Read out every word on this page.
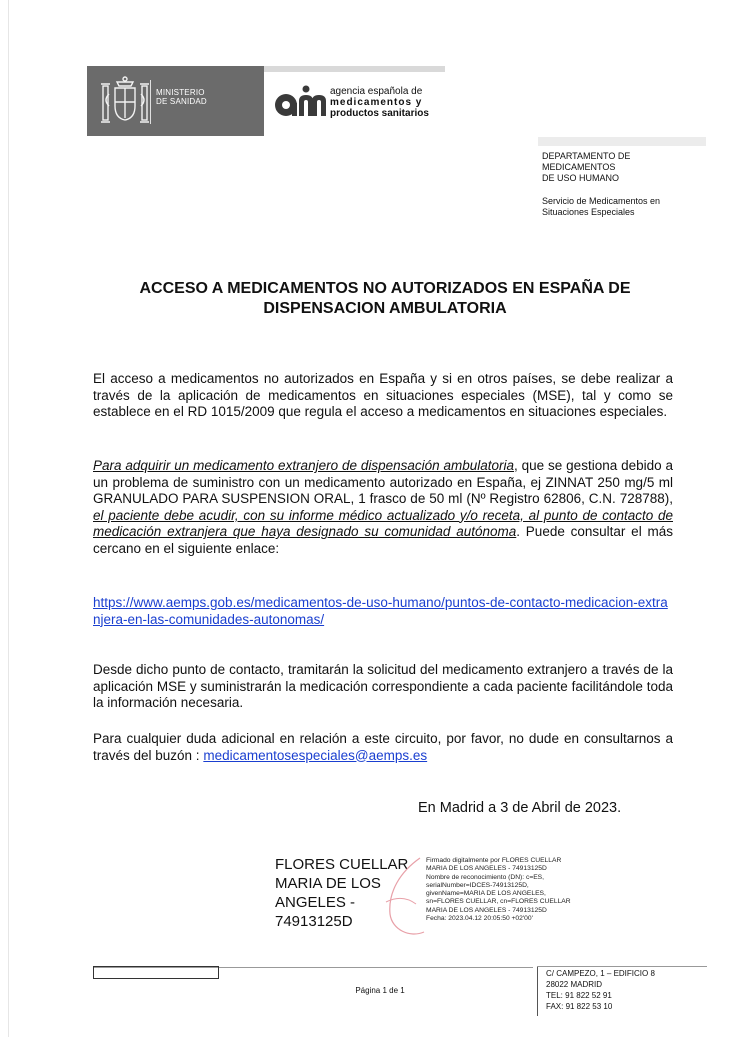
MINISTERIO
DE SANIDAD
agencia española de
medicamentos y
productos sanitarios
DEPARTAMENTO DE
MEDICAMENTOS
DE USO HUMANO
Servicio de Medicamentos en
Situaciones Especiales
ACCESO A MEDICAMENTOS NO AUTORIZADOS EN ESPAÑA DE
DISPENSACION AMBULATORIA
El acceso a medicamentos no autorizados en España y si en otros países, se debe realizar a través de la aplicación de medicamentos en situaciones especiales (MSE), tal y como se establece en el RD 1015/2009 que regula el acceso a medicamentos en situaciones especiales.
Para adquirir un medicamento extranjero de dispensación ambulatoria, que se gestiona debido a un problema de suministro con un medicamento autorizado en España, ej ZINNAT 250 mg/5 ml GRANULADO PARA SUSPENSION ORAL, 1 frasco de 50 ml (Nº Registro 62806, C.N. 728788), el paciente debe acudir, con su informe médico actualizado y/o receta, al punto de contacto de medicación extranjera que haya designado su comunidad autónoma. Puede consultar el más cercano en el siguiente enlace:
https://www.aemps.gob.es/medicamentos-de-uso-humano/puntos-de-contacto-medicacion-extranjera-en-las-comunidades-autonomas/
Desde dicho punto de contacto, tramitarán la solicitud del medicamento extranjero a través de la aplicación MSE y suministrarán la medicación correspondiente a cada paciente facilitándole toda la información necesaria.
Para cualquier duda adicional en relación a este circuito, por favor, no dude en consultarnos a través del buzón : medicamentosespeciales@aemps.es
En Madrid a 3 de Abril de 2023.
FLORES CUELLAR
MARIA DE LOS
ANGELES -
74913125D
Firmado digitalmente por FLORES CUELLAR
MARIA DE LOS ANGELES - 74913125D
Nombre de reconocimiento (DN): c=ES,
serialNumber=IDCES-74913125D,
givenName=MARIA DE LOS ANGELES,
sn=FLORES CUELLAR, cn=FLORES CUELLAR
MARIA DE LOS ANGELES - 74913125D
Fecha: 2023.04.12 20:05:50 +02'00'
Página 1 de 1
C/ CAMPEZO, 1 – EDIFICIO 8
28022 MADRID
TEL: 91 822 52 91
FAX: 91 822 53 10
